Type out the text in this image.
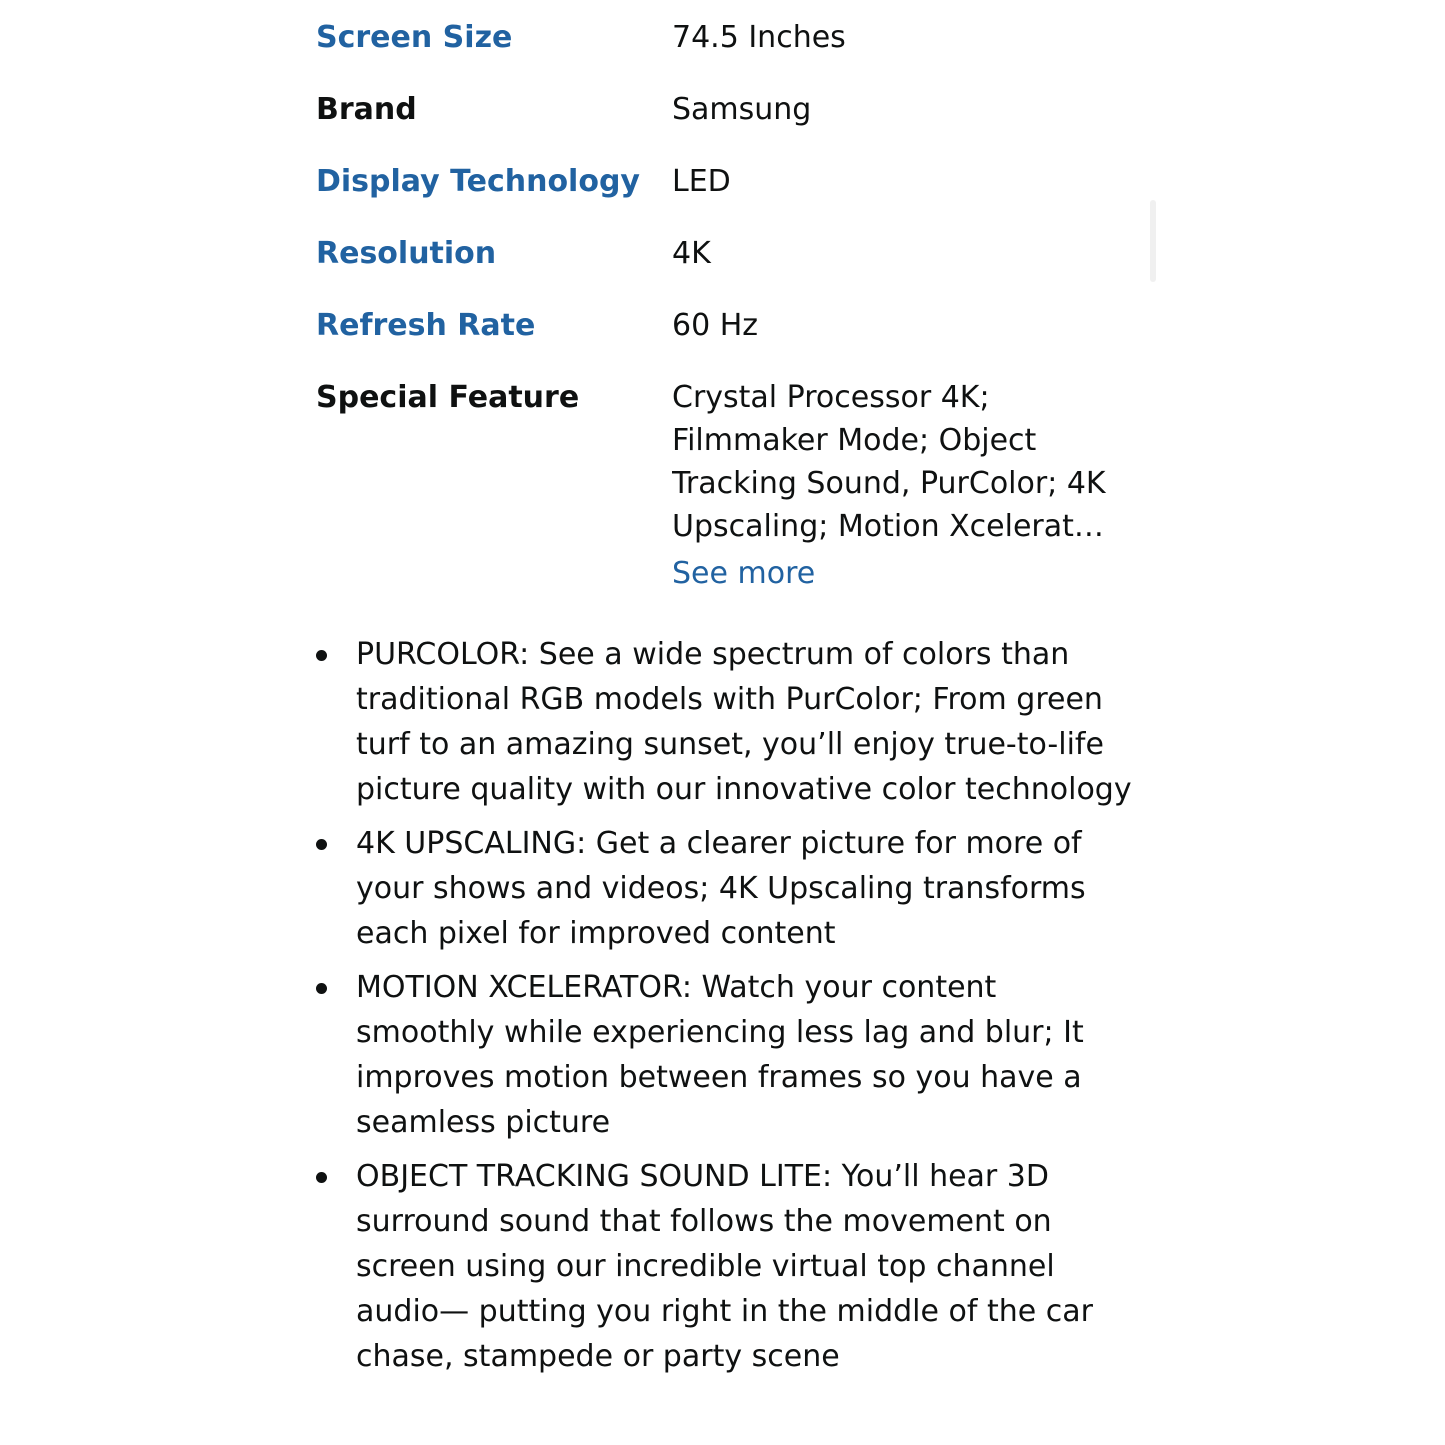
Screen Size	74.5 Inches
Brand	Samsung
Display Technology	LED
Resolution	4K
Refresh Rate	60 Hz
Special Feature	Crystal Processor 4K; Filmmaker Mode; Object Tracking Sound, PurColor; 4K Upscaling; Motion Xcelerat…
See more
PURCOLOR: See a wide spectrum of colors than traditional RGB models with PurColor; From green turf to an amazing sunset, you’ll enjoy true-to-life picture quality with our innovative color technology
4K UPSCALING: Get a clearer picture for more of your shows and videos; 4K Upscaling transforms each pixel for improved content
MOTION XCELERATOR: Watch your content smoothly while experiencing less lag and blur; It improves motion between frames so you have a seamless picture
OBJECT TRACKING SOUND LITE: You’ll hear 3D surround sound that follows the movement on screen using our incredible virtual top channel audio— putting you right in the middle of the car chase, stampede or party scene
